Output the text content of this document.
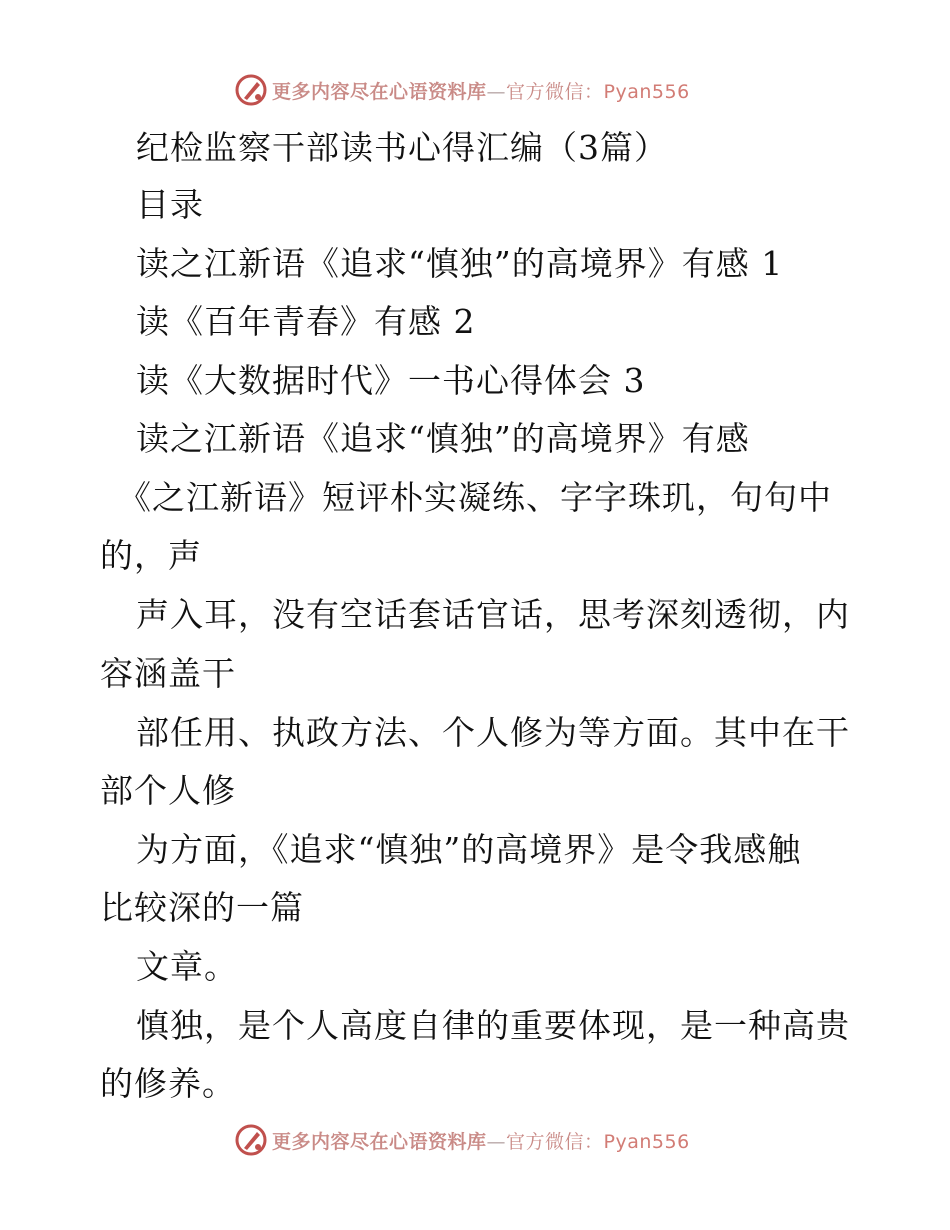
更多内容尽在心语资料库—官方微信：Pyan556
纪检监察干部读书心得汇编（3篇）
目录
读之江新语《追求“慎独”的高境界》有感 1
读《百年青春》有感 2
读《大数据时代》一书心得体会 3
读之江新语《追求“慎独”的高境界》有感
《之江新语》短评朴实凝练、字字珠玑，句句中
的，声
声入耳，没有空话套话官话，思考深刻透彻，内
容涵盖干
部任用、执政方法、个人修为等方面。其中在干
部个人修
为方面，《追求“慎独”的高境界》是令我感触
比较深的一篇
文章。
慎独，是个人高度自律的重要体现，是一种高贵
的修养。
更多内容尽在心语资料库—官方微信：Pyan556
